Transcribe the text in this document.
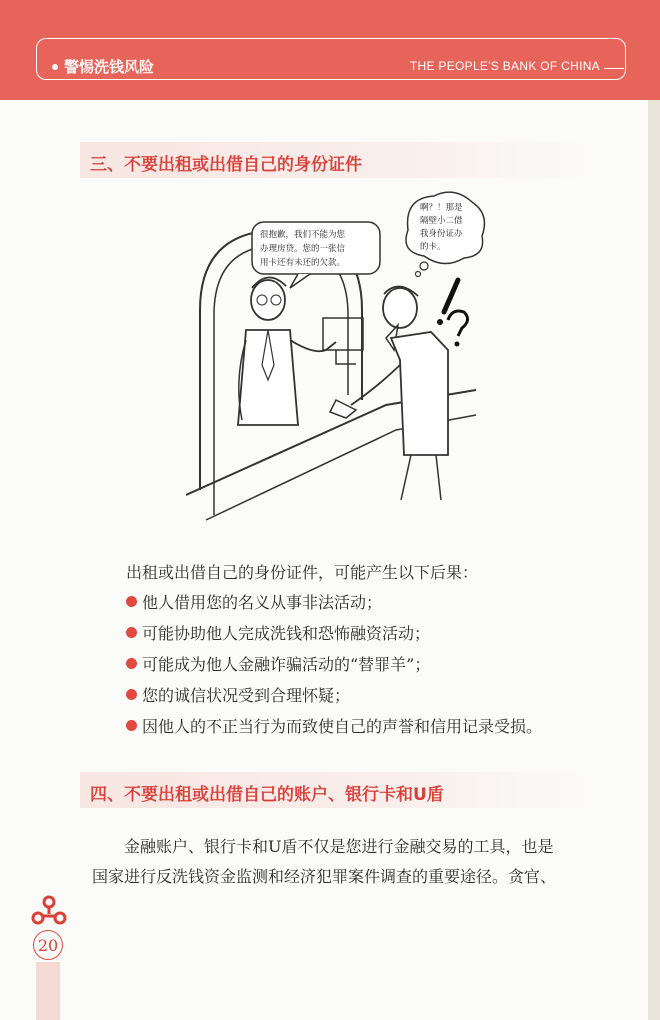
警惕洗钱风险	THE PEOPLE'S BANK OF CHINA
三、不要出租或出借自己的身份证件
很抱歉，我们不能为您 办理房贷。您的一张信 用卡还有未还的欠款。
啊？！那是 隔壁小二借 我身份证办 的卡。
出租或出借自己的身份证件，可能产生以下后果：
他人借用您的名义从事非法活动；
可能协助他人完成洗钱和恐怖融资活动；
可能成为他人金融诈骗活动的“替罪羊”；
您的诚信状况受到合理怀疑；
因他人的不正当行为而致使自己的声誉和信用记录受损。
四、不要出租或出借自己的账户、银行卡和U盾

　　金融账户、银行卡和U盾不仅是您进行金融交易的工具，也是

国家进行反洗钱资金监测和经济犯罪案件调查的重要途径。贪官、

20
